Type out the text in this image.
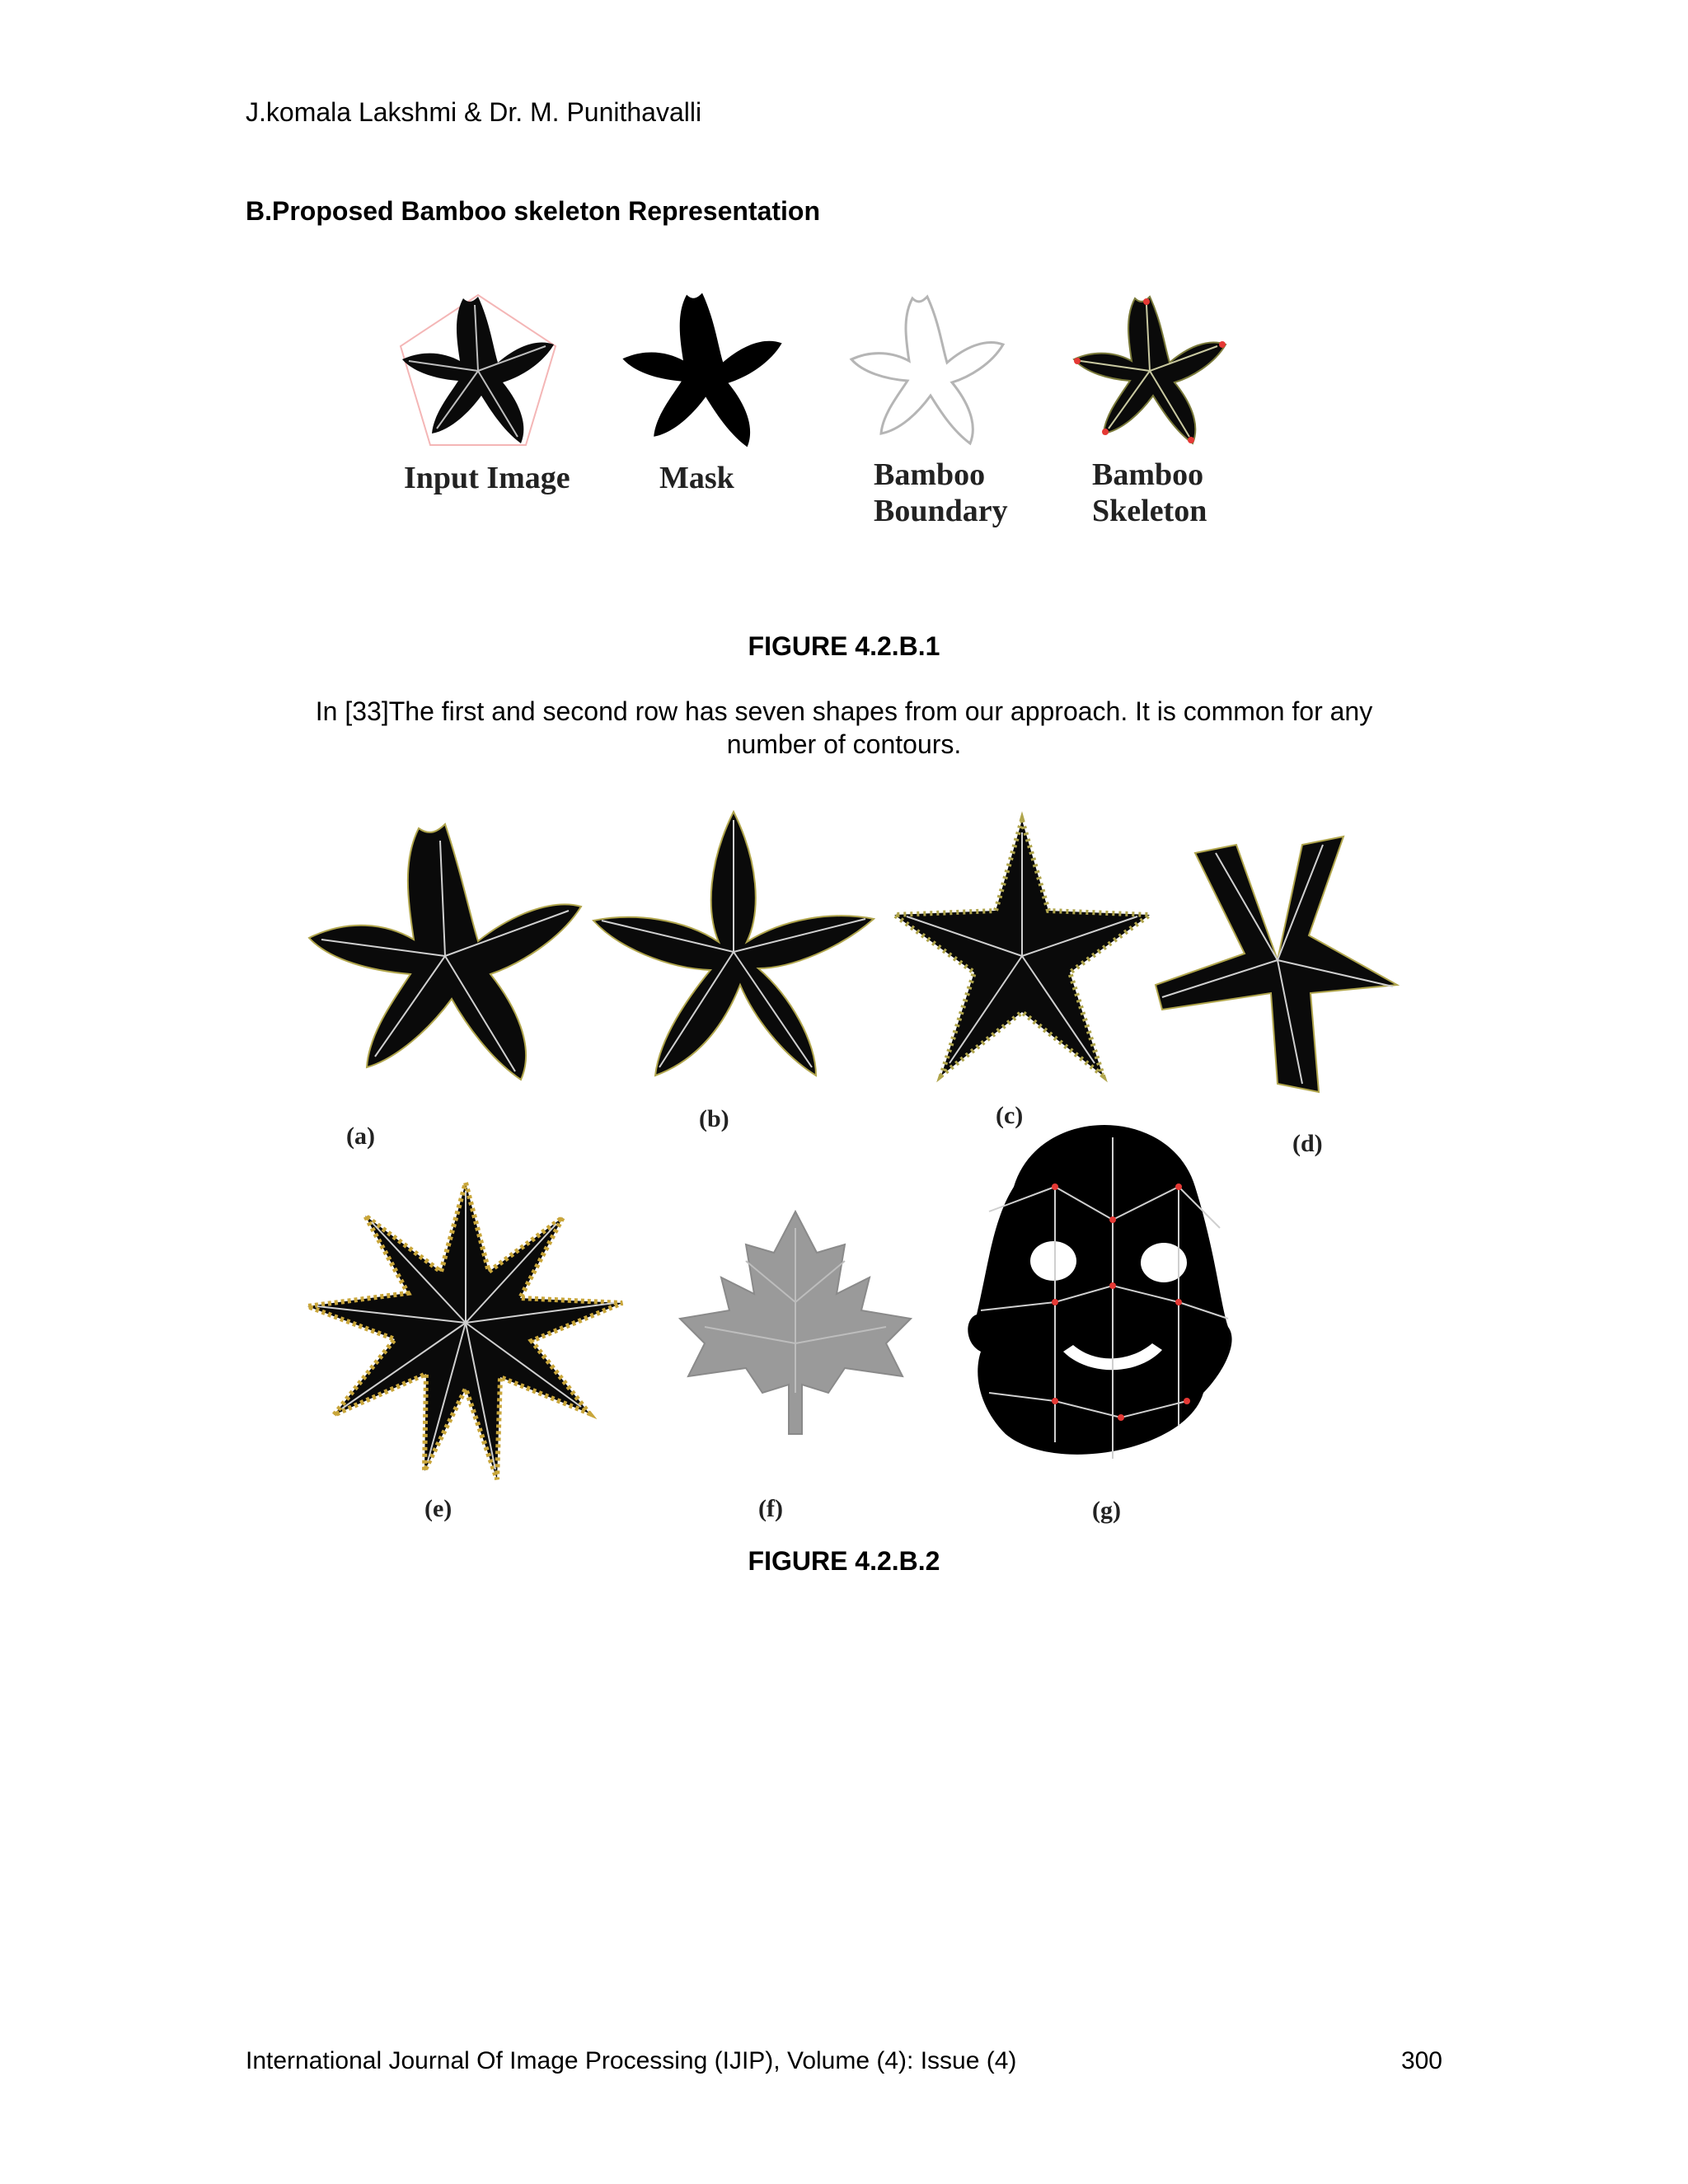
J.komala Lakshmi & Dr. M. Punithavalli
B.Proposed Bamboo skeleton Representation
Input Image	Mask	Bamboo
Boundary
Bamboo
Skeleton
FIGURE 4.2.B.1
In [33]The first and second row has seven shapes from our approach. It is common for any
number of contours.
(a)
(b)	(c)
(d)
(e)	(f)	(g)
FIGURE 4.2.B.2
International Journal Of Image Processing (IJIP), Volume (4): Issue (4)	300
